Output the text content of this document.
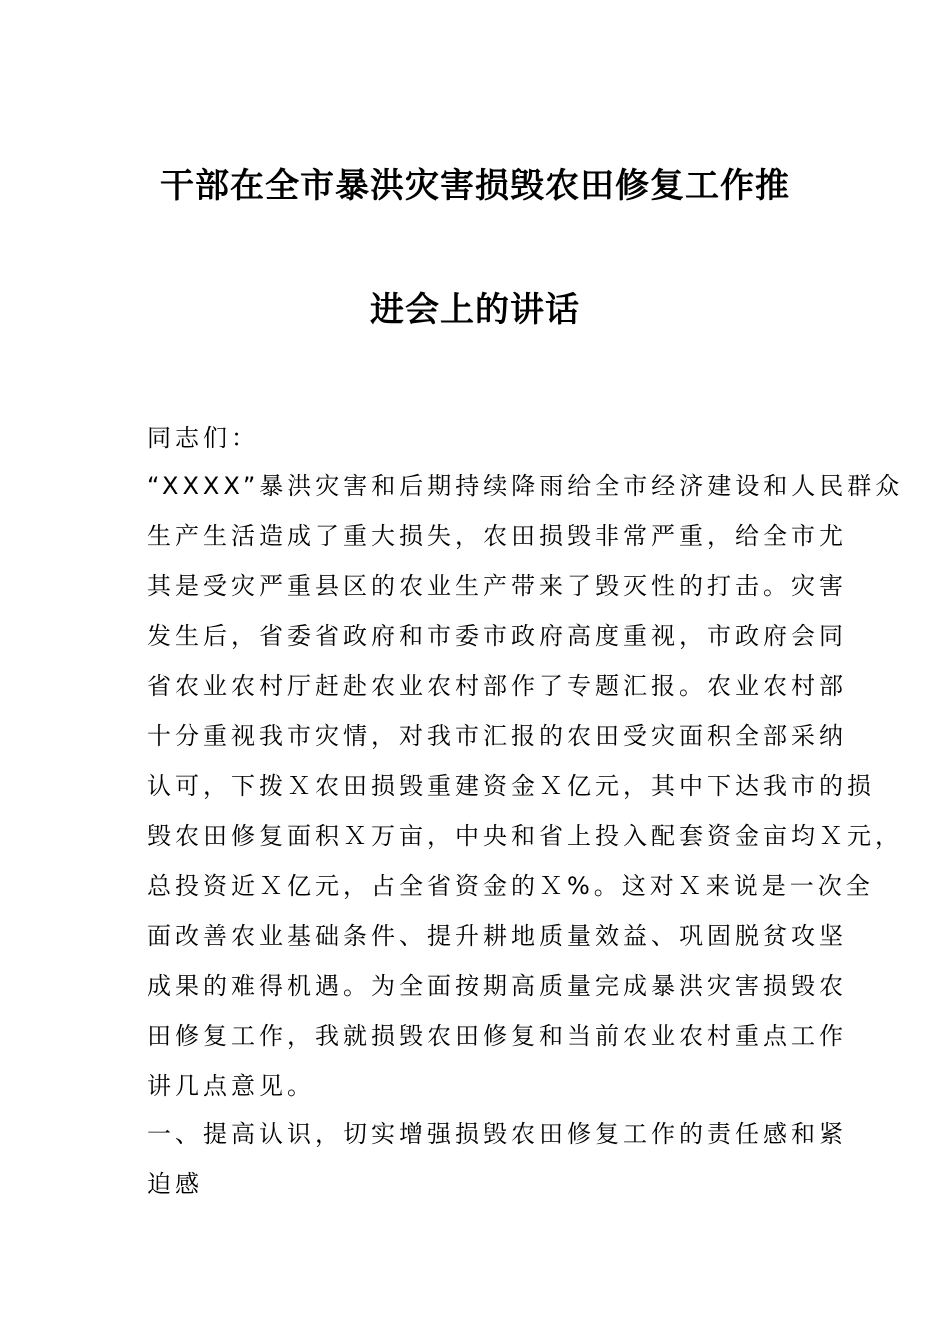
干部在全市暴洪灾害损毁农田修复工作推
进会上的讲话
同志们：
“XXXX”暴洪灾害和后期持续降雨给全市经济建设和人民群众
生产生活造成了重大损失，农田损毁非常严重，给全市尤
其是受灾严重县区的农业生产带来了毁灭性的打击。灾害
发生后，省委省政府和市委市政府高度重视，市政府会同
省农业农村厅赶赴农业农村部作了专题汇报。农业农村部
十分重视我市灾情，对我市汇报的农田受灾面积全部采纳
认可，下拨Ｘ农田损毁重建资金Ｘ亿元，其中下达我市的损
毁农田修复面积Ｘ万亩，中央和省上投入配套资金亩均Ｘ元，
总投资近Ｘ亿元，占全省资金的Ｘ%。这对Ｘ来说是一次全
面改善农业基础条件、提升耕地质量效益、巩固脱贫攻坚
成果的难得机遇。为全面按期高质量完成暴洪灾害损毁农
田修复工作，我就损毁农田修复和当前农业农村重点工作
讲几点意见。
一、提高认识，切实增强损毁农田修复工作的责任感和紧
迫感
